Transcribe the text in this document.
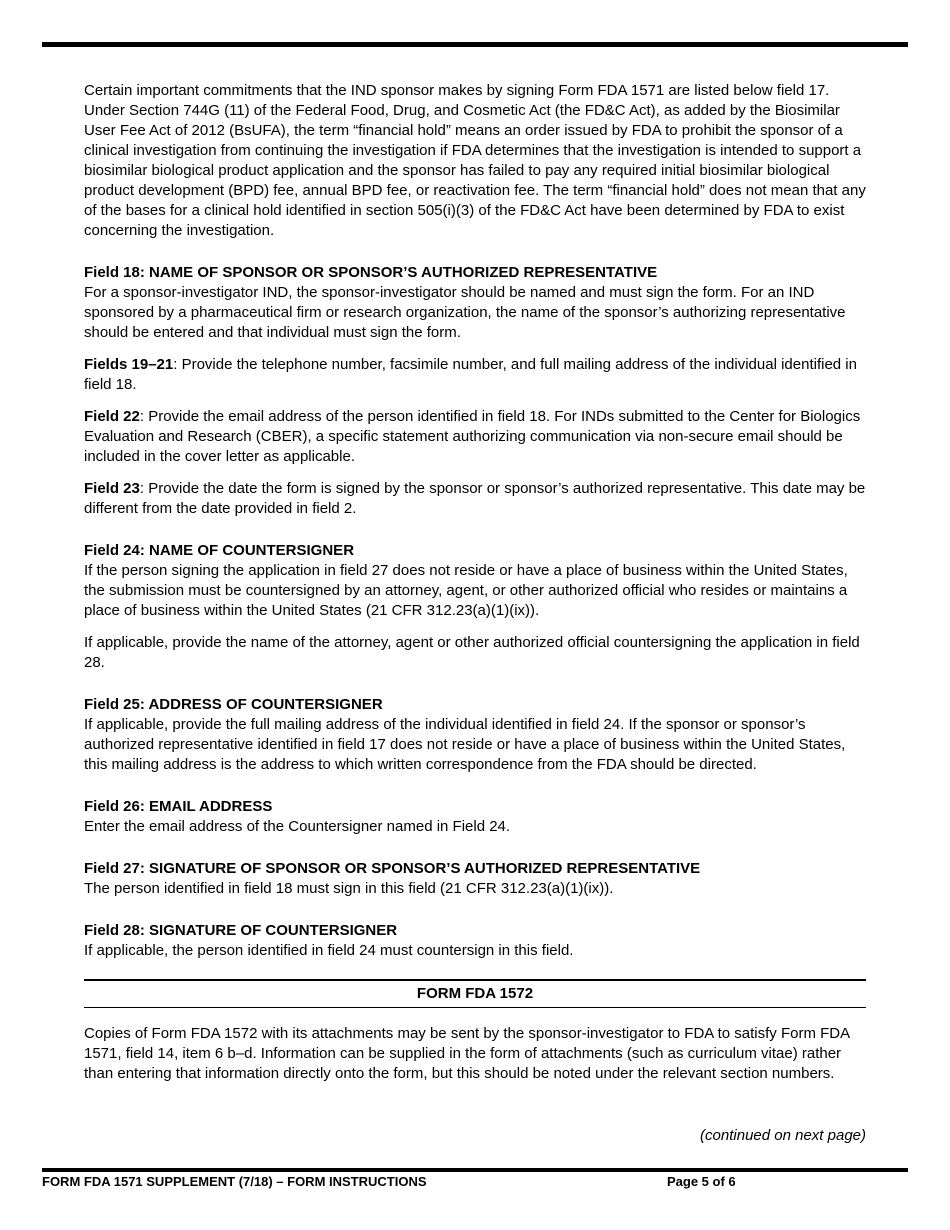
Certain important commitments that the IND sponsor makes by signing Form FDA 1571 are listed below field 17. Under Section 744G (11) of the Federal Food, Drug, and Cosmetic Act (the FD&C Act), as added by the Biosimilar User Fee Act of 2012 (BsUFA), the term “financial hold” means an order issued by FDA to prohibit the sponsor of a clinical investigation from continuing the investigation if FDA determines that the investigation is intended to support a biosimilar biological product application and the sponsor has failed to pay any required initial biosimilar biological product development (BPD) fee, annual BPD fee, or reactivation fee. The term “financial hold” does not mean that any of the bases for a clinical hold identified in section 505(i)(3) of the FD&C Act have been determined by FDA to exist concerning the investigation.

Field 18: NAME OF SPONSOR OR SPONSOR’S AUTHORIZED REPRESENTATIVE

For a sponsor-investigator IND, the sponsor-investigator should be named and must sign the form. For an IND sponsored by a pharmaceutical firm or research organization, the name of the sponsor’s authorizing representative should be entered and that individual must sign the form.

Fields 19–21: Provide the telephone number, facsimile number, and full mailing address of the individual identified in field 18.

Field 22: Provide the email address of the person identified in field 18. For INDs submitted to the Center for Biologics Evaluation and Research (CBER), a specific statement authorizing communication via non-secure email should be included in the cover letter as applicable.

Field 23: Provide the date the form is signed by the sponsor or sponsor’s authorized representative. This date may be different from the date provided in field 2.

Field 24: NAME OF COUNTERSIGNER

If the person signing the application in field 27 does not reside or have a place of business within the United States, the submission must be countersigned by an attorney, agent, or other authorized official who resides or maintains a place of business within the United States (21 CFR 312.23(a)(1)(ix)).

If applicable, provide the name of the attorney, agent or other authorized official countersigning the application in field 28.

Field 25: ADDRESS OF COUNTERSIGNER

If applicable, provide the full mailing address of the individual identified in field 24. If the sponsor or sponsor’s authorized representative identified in field 17 does not reside or have a place of business within the United States, this mailing address is the address to which written correspondence from the FDA should be directed.

Field 26: EMAIL ADDRESS

Enter the email address of the Countersigner named in Field 24.

Field 27: SIGNATURE OF SPONSOR OR SPONSOR’S AUTHORIZED REPRESENTATIVE

The person identified in field 18 must sign in this field (21 CFR 312.23(a)(1)(ix)).

Field 28: SIGNATURE OF COUNTERSIGNER

If applicable, the person identified in field 24 must countersign in this field.

FORM FDA 1572

Copies of Form FDA 1572 with its attachments may be sent by the sponsor-investigator to FDA to satisfy Form FDA 1571, field 14, item 6 b–d. Information can be supplied in the form of attachments (such as curriculum vitae) rather than entering that information directly onto the form, but this should be noted under the relevant section numbers.

(continued on next page)
FORM FDA 1571 SUPPLEMENT (7/18) – FORM INSTRUCTIONS	Page 5 of 6
